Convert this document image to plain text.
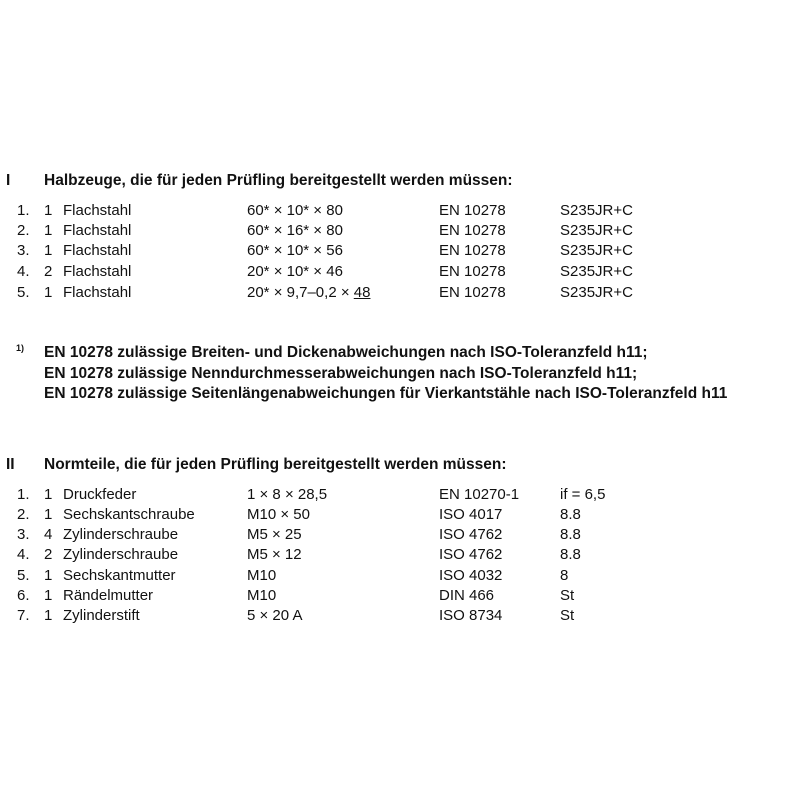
I Halbzeuge, die für jeden Prüfling bereitgestellt werden müssen:
1. 1 Flachstahl	60* × 10* × 80	EN 10278	S235JR+C
2. 1 Flachstahl	60* × 16* × 80	EN 10278	S235JR+C
3. 1 Flachstahl	60* × 10* × 56	EN 10278	S235JR+C
4. 2 Flachstahl	20* × 10* × 46	EN 10278	S235JR+C
5. 1 Flachstahl	20* × 9,7–0,2 × 48	EN 10278	S235JR+C
1) EN 10278 zulässige Breiten- und Dickenabweichungen nach ISO-Toleranzfeld h11;
EN 10278 zulässige Nenndurchmesserabweichungen nach ISO-Toleranzfeld h11;
EN 10278 zulässige Seitenlängenabweichungen für Vierkantstähle nach ISO-Toleranzfeld h11
II Normteile, die für jeden Prüfling bereitgestellt werden müssen:
1. 1 Druckfeder	1 × 8 × 28,5	EN 10270-1	if = 6,5
2. 1 Sechskantschraube	M10 × 50	ISO 4017	8.8
3. 4 Zylinderschraube	M5 × 25	ISO 4762	8.8
4. 2 Zylinderschraube	M5 × 12	ISO 4762	8.8
5. 1 Sechskantmutter	M10	ISO 4032	8
6. 1 Rändelmutter	M10	DIN 466	St
7. 1 Zylinderstift	5 × 20 A	ISO 8734	St
